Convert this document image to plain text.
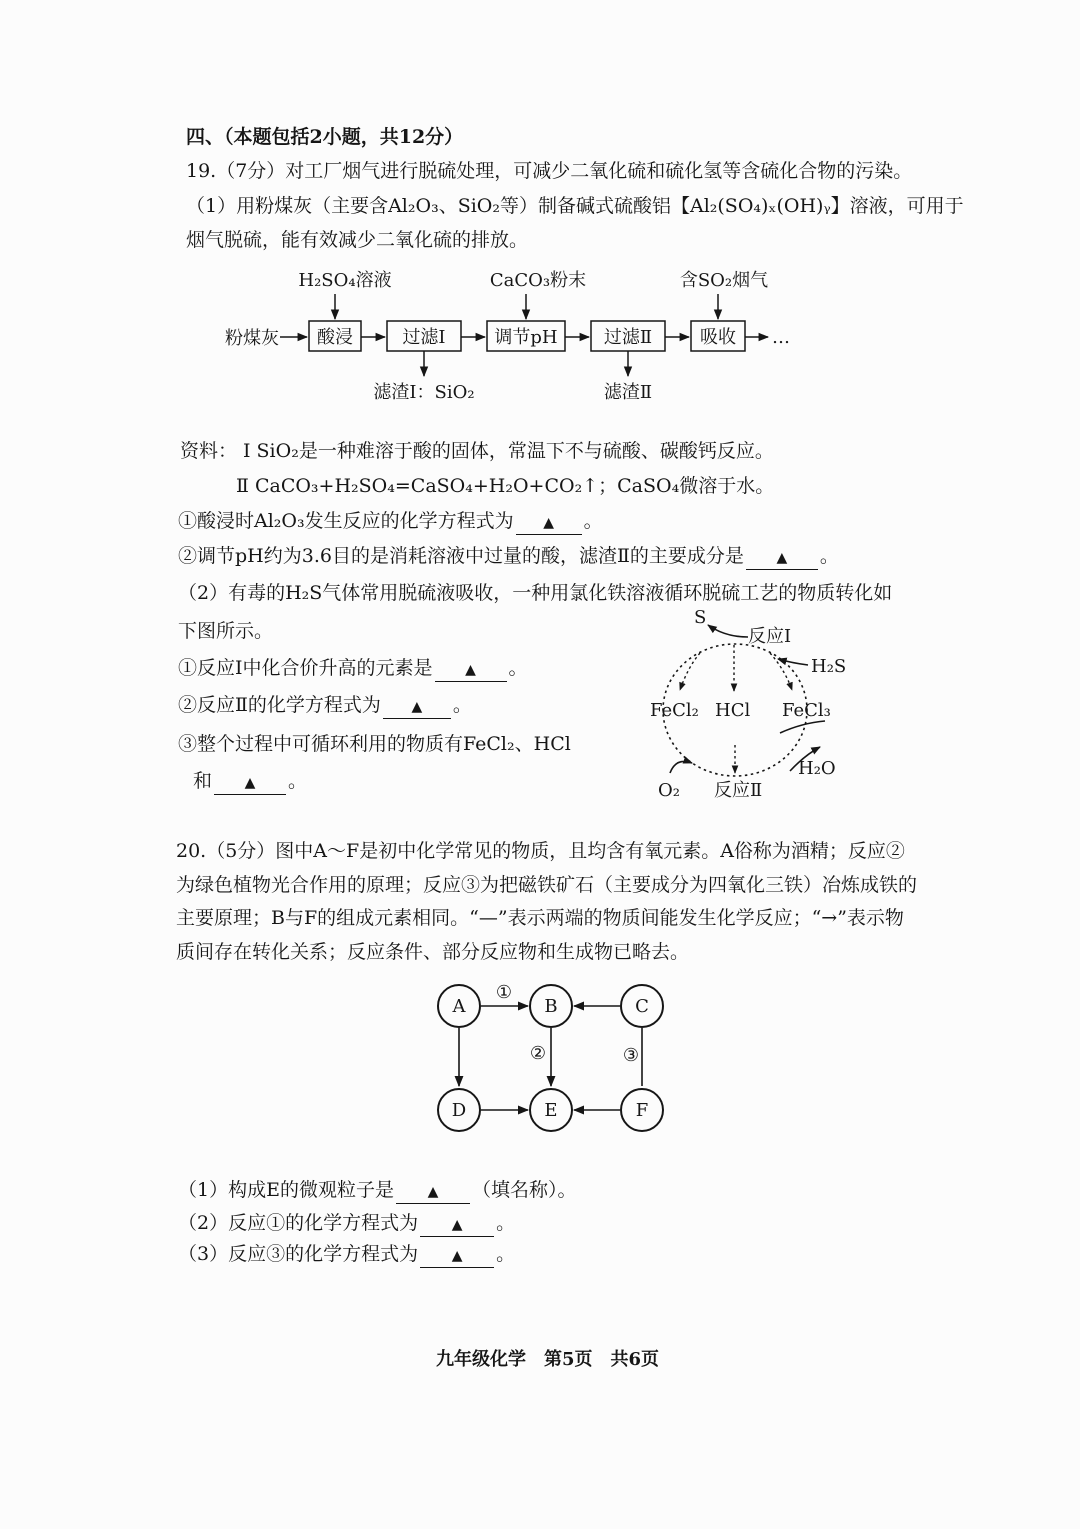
四、（本题包括2小题，共12分）
19.（7分）对工厂烟气进行脱硫处理，可减少二氧化硫和硫化氢等含硫化合物的污染。
（1）用粉煤灰（主要含Al₂O₃、SiO₂等）制备碱式硫酸铝【Al₂(SO₄)ₓ(OH)ᵧ】溶液，可用于
烟气脱硫，能有效减少二氧化硫的排放。
粉煤灰 酸浸	过滤Ⅰ	调节pH	过滤Ⅱ	吸收 …
H₂SO₄溶液	CaCO₃粉末	含SO₂烟气
滤渣Ⅰ：SiO₂	滤渣Ⅱ
资料： Ⅰ SiO₂是一种难溶于酸的固体，常温下不与硫酸、碳酸钙反应。
Ⅱ CaCO₃+H₂SO₄=CaSO₄+H₂O+CO₂↑；CaSO₄微溶于水。
①酸浸时Al₂O₃发生反应的化学方程式为 ▲ 。
②调节pH约为3.6目的是消耗溶液中过量的酸，滤渣Ⅱ的主要成分是 ▲ 。
（2）有毒的H₂S气体常用脱硫液吸收，一种用氯化铁溶液循环脱硫工艺的物质转化如
下图所示。
①反应Ⅰ中化合价升高的元素是 ▲ 。
②反应Ⅱ的化学方程式为 ▲ 。
③整个过程中可循环利用的物质有FeCl₂、HCl
和 ▲ 。
S
反应Ⅰ
H₂S
FeCl₂ HCl FeCl₃
H₂O
O₂ 反应Ⅱ
20.（5分）图中A～F是初中化学常见的物质，且均含有氧元素。A俗称为酒精；反应②
为绿色植物光合作用的原理；反应③为把磁铁矿石（主要成分为四氧化三铁）冶炼成铁的
主要原理；B与F的组成元素相同。“—”表示两端的物质间能发生化学反应；“→”表示物
质间存在转化关系；反应条件、部分反应物和生成物已略去。
A	B	C
D	E	F
①
②	③
（1）构成E的微观粒子是 ▲ （填名称）。
（2）反应①的化学方程式为 ▲ 。
（3）反应③的化学方程式为 ▲ 。
九年级化学　第5页　共6页
